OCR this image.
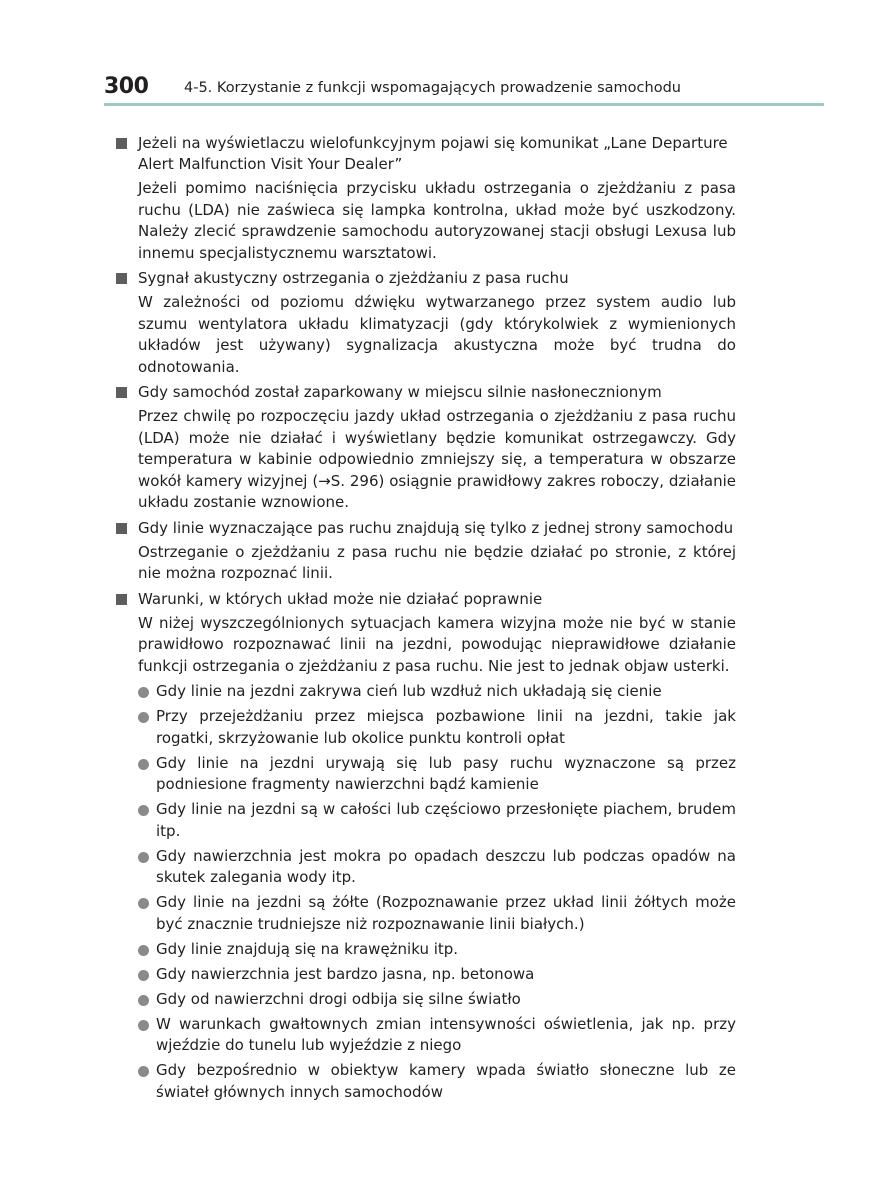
300 4-5. Korzystanie z funkcji wspomagających prowadzenie samochodu
Jeżeli na wyświetlaczu wielofunkcyjnym pojawi się komunikat „Lane Departure Alert Malfunction Visit Your Dealer”

Jeżeli pomimo naciśnięcia przycisku układu ostrzegania o zjeżdżaniu z pasa ruchu (LDA) nie zaświeca się lampka kontrolna, układ może być uszkodzony. Należy zlecić sprawdzenie samochodu autoryzowanej stacji obsługi Lexusa lub innemu specjalistycznemu warsztatowi.

Sygnał akustyczny ostrzegania o zjeżdżaniu z pasa ruchu

W zależności od poziomu dźwięku wytwarzanego przez system audio lub szumu wentylatora układu klimatyzacji (gdy którykolwiek z wymienionych układów jest używany) sygnalizacja akustyczna może być trudna do odnotowania.

Gdy samochód został zaparkowany w miejscu silnie nasłonecznionym

Przez chwilę po rozpoczęciu jazdy układ ostrzegania o zjeżdżaniu z pasa ruchu (LDA) może nie działać i wyświetlany będzie komunikat ostrzegawczy. Gdy temperatura w kabinie odpowiednio zmniejszy się, a temperatura w obszarze wokół kamery wizyjnej (→S. 296) osiągnie prawidłowy zakres roboczy, działanie układu zostanie wznowione.

Gdy linie wyznaczające pas ruchu znajdują się tylko z jednej strony samochodu

Ostrzeganie o zjeżdżaniu z pasa ruchu nie będzie działać po stronie, z której nie można rozpoznać linii.

Warunki, w których układ może nie działać poprawnie

W niżej wyszczególnionych sytuacjach kamera wizyjna może nie być w stanie prawidłowo rozpoznawać linii na jezdni, powodując nieprawidłowe działanie funkcji ostrzegania o zjeżdżaniu z pasa ruchu. Nie jest to jednak objaw usterki.

Gdy linie na jezdni zakrywa cień lub wzdłuż nich układają się cienie
Przy przejeżdżaniu przez miejsca pozbawione linii na jezdni, takie jak rogatki, skrzyżowanie lub okolice punktu kontroli opłat
Gdy linie na jezdni urywają się lub pasy ruchu wyznaczone są przez podniesione fragmenty nawierzchni bądź kamienie
Gdy linie na jezdni są w całości lub częściowo przesłonięte piachem, brudem itp.
Gdy nawierzchnia jest mokra po opadach deszczu lub podczas opadów na skutek zalegania wody itp.
Gdy linie na jezdni są żółte (Rozpoznawanie przez układ linii żółtych może być znacznie trudniejsze niż rozpoznawanie linii białych.)
Gdy linie znajdują się na krawężniku itp.
Gdy nawierzchnia jest bardzo jasna, np. betonowa
Gdy od nawierzchni drogi odbija się silne światło
W warunkach gwałtownych zmian intensywności oświetlenia, jak np. przy wjeździe do tunelu lub wyjeździe z niego
Gdy bezpośrednio w obiektyw kamery wpada światło słoneczne lub ze świateł głównych innych samochodów
